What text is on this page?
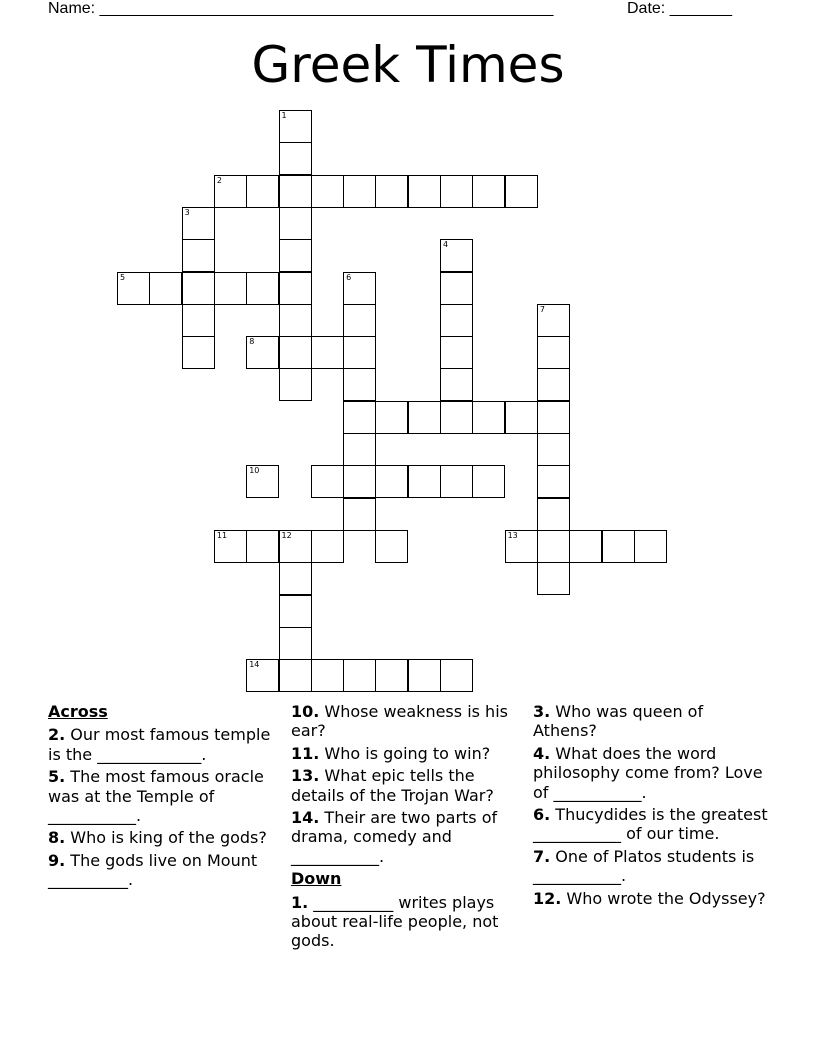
Name: ___________________________________________________	Date: _______
Greek Times
1
2
3
4
5	6
7
8
10
11	12	13
14
Across
2. Our most famous temple is the _____________.
5. The most famous oracle was at the Temple of ___________.
8. Who is king of the gods?
9. The gods live on Mount __________.
10. Whose weakness is his ear?
11. Who is going to win?
13. What epic tells the details of the Trojan War?
14. Their are two parts of drama, comedy and ___________.
Down
1. __________ writes plays about real-life people, not gods.
3. Who was queen of Athens?
4. What does the word philosophy come from? Love of ___________.
6. Thucydides is the greatest ___________ of our time.
7. One of Platos students is ___________.
12. Who wrote the Odyssey?
